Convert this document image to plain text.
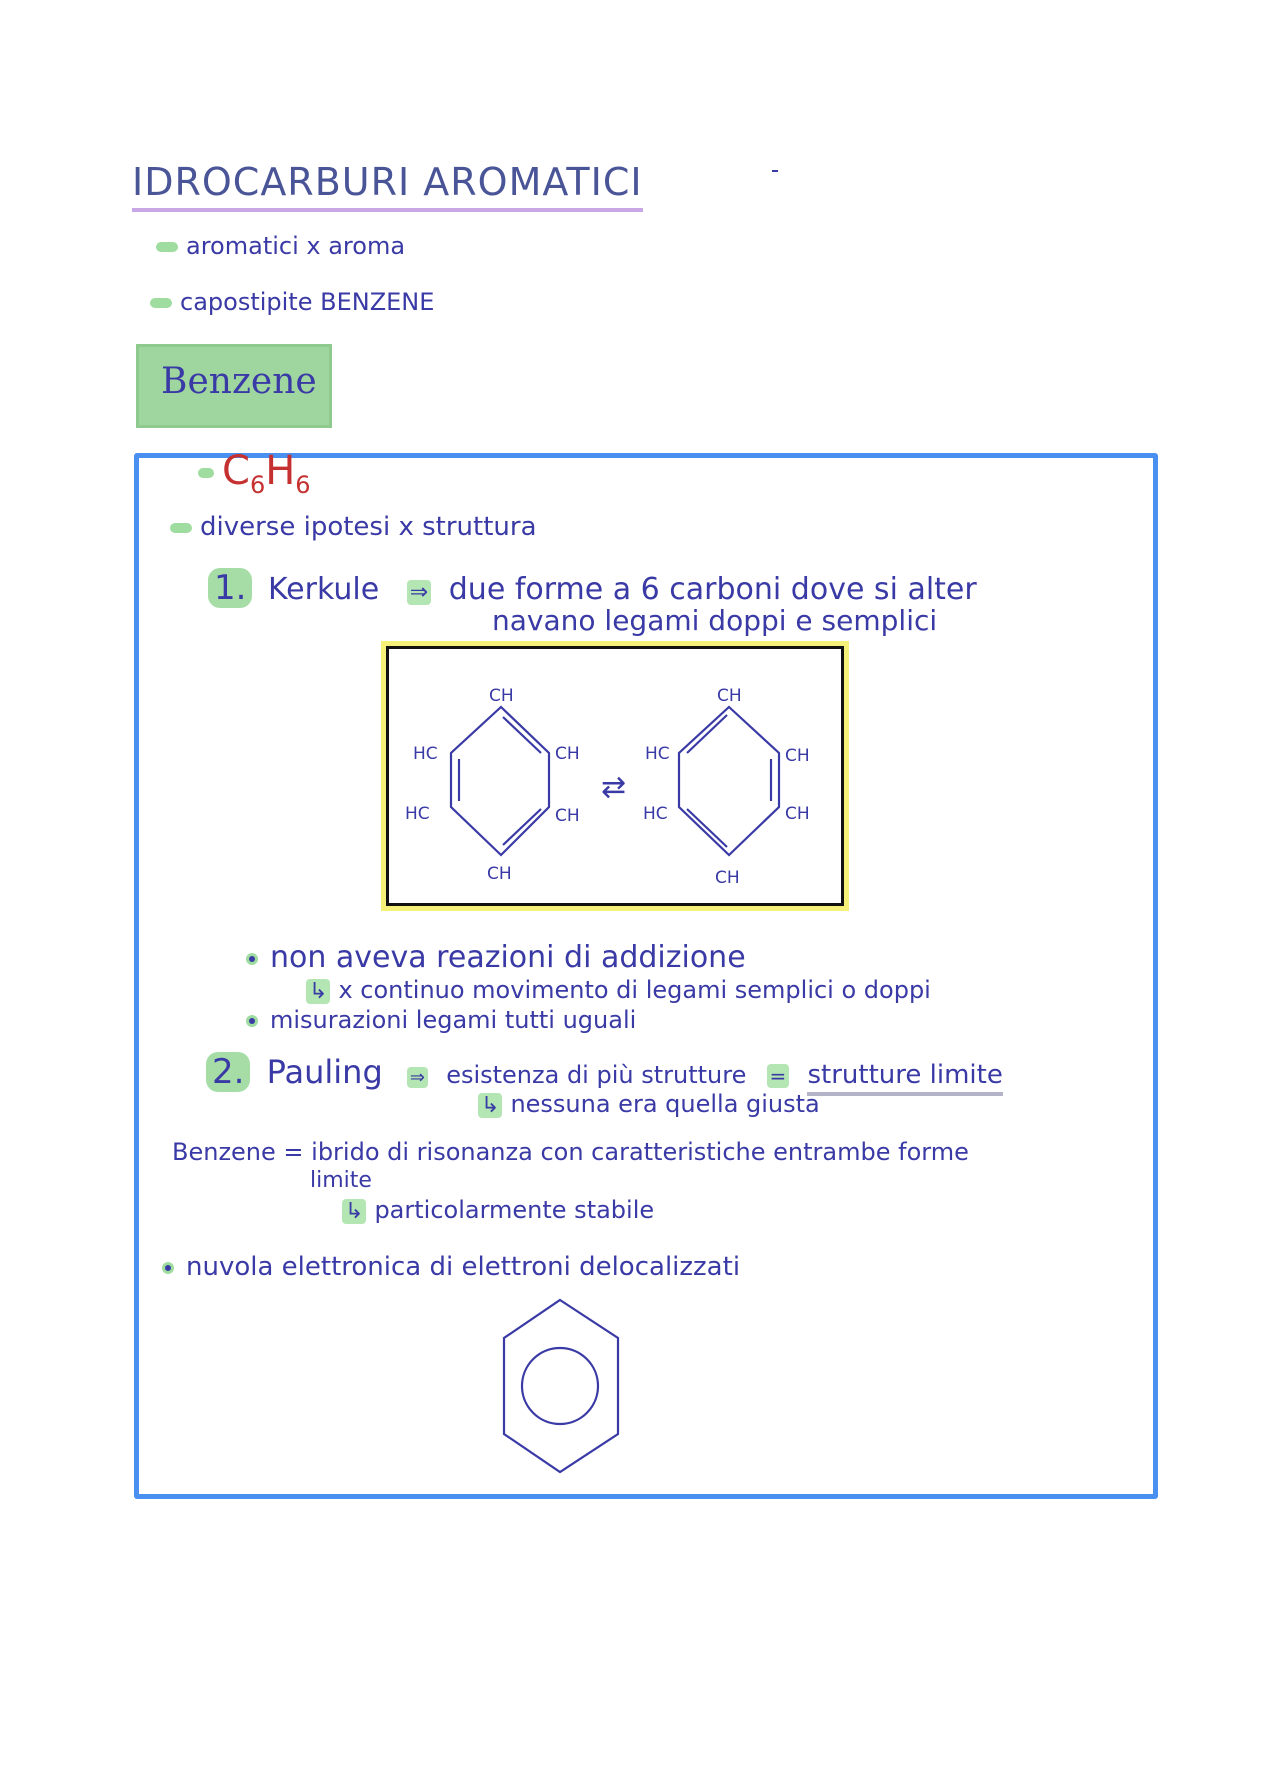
IDROCARBURI AROMATICI
aromatici x aroma
capostipite BENZENE
Benzene
$C_6H_6$
diverse ipotesi x struttura
1. Kerkule ⇒ due forme a 6 carboni dove si alter
navano legami doppi e semplici
CH
HC	CH
HC	CH
CH
CH
HC	CH
HC	CH
CH
⇄
non aveva reazioni di addizione
↳ x continuo movimento di legami semplici o doppi
misurazioni legami tutti uguali
2. Pauling ⇒ esistenza di più strutture = strutture limite
↳ nessuna era quella giusta
Benzene = ibrido di risonanza con caratteristiche entrambe forme
limite
↳ particolarmente stabile
nuvola elettronica di elettroni delocalizzati
